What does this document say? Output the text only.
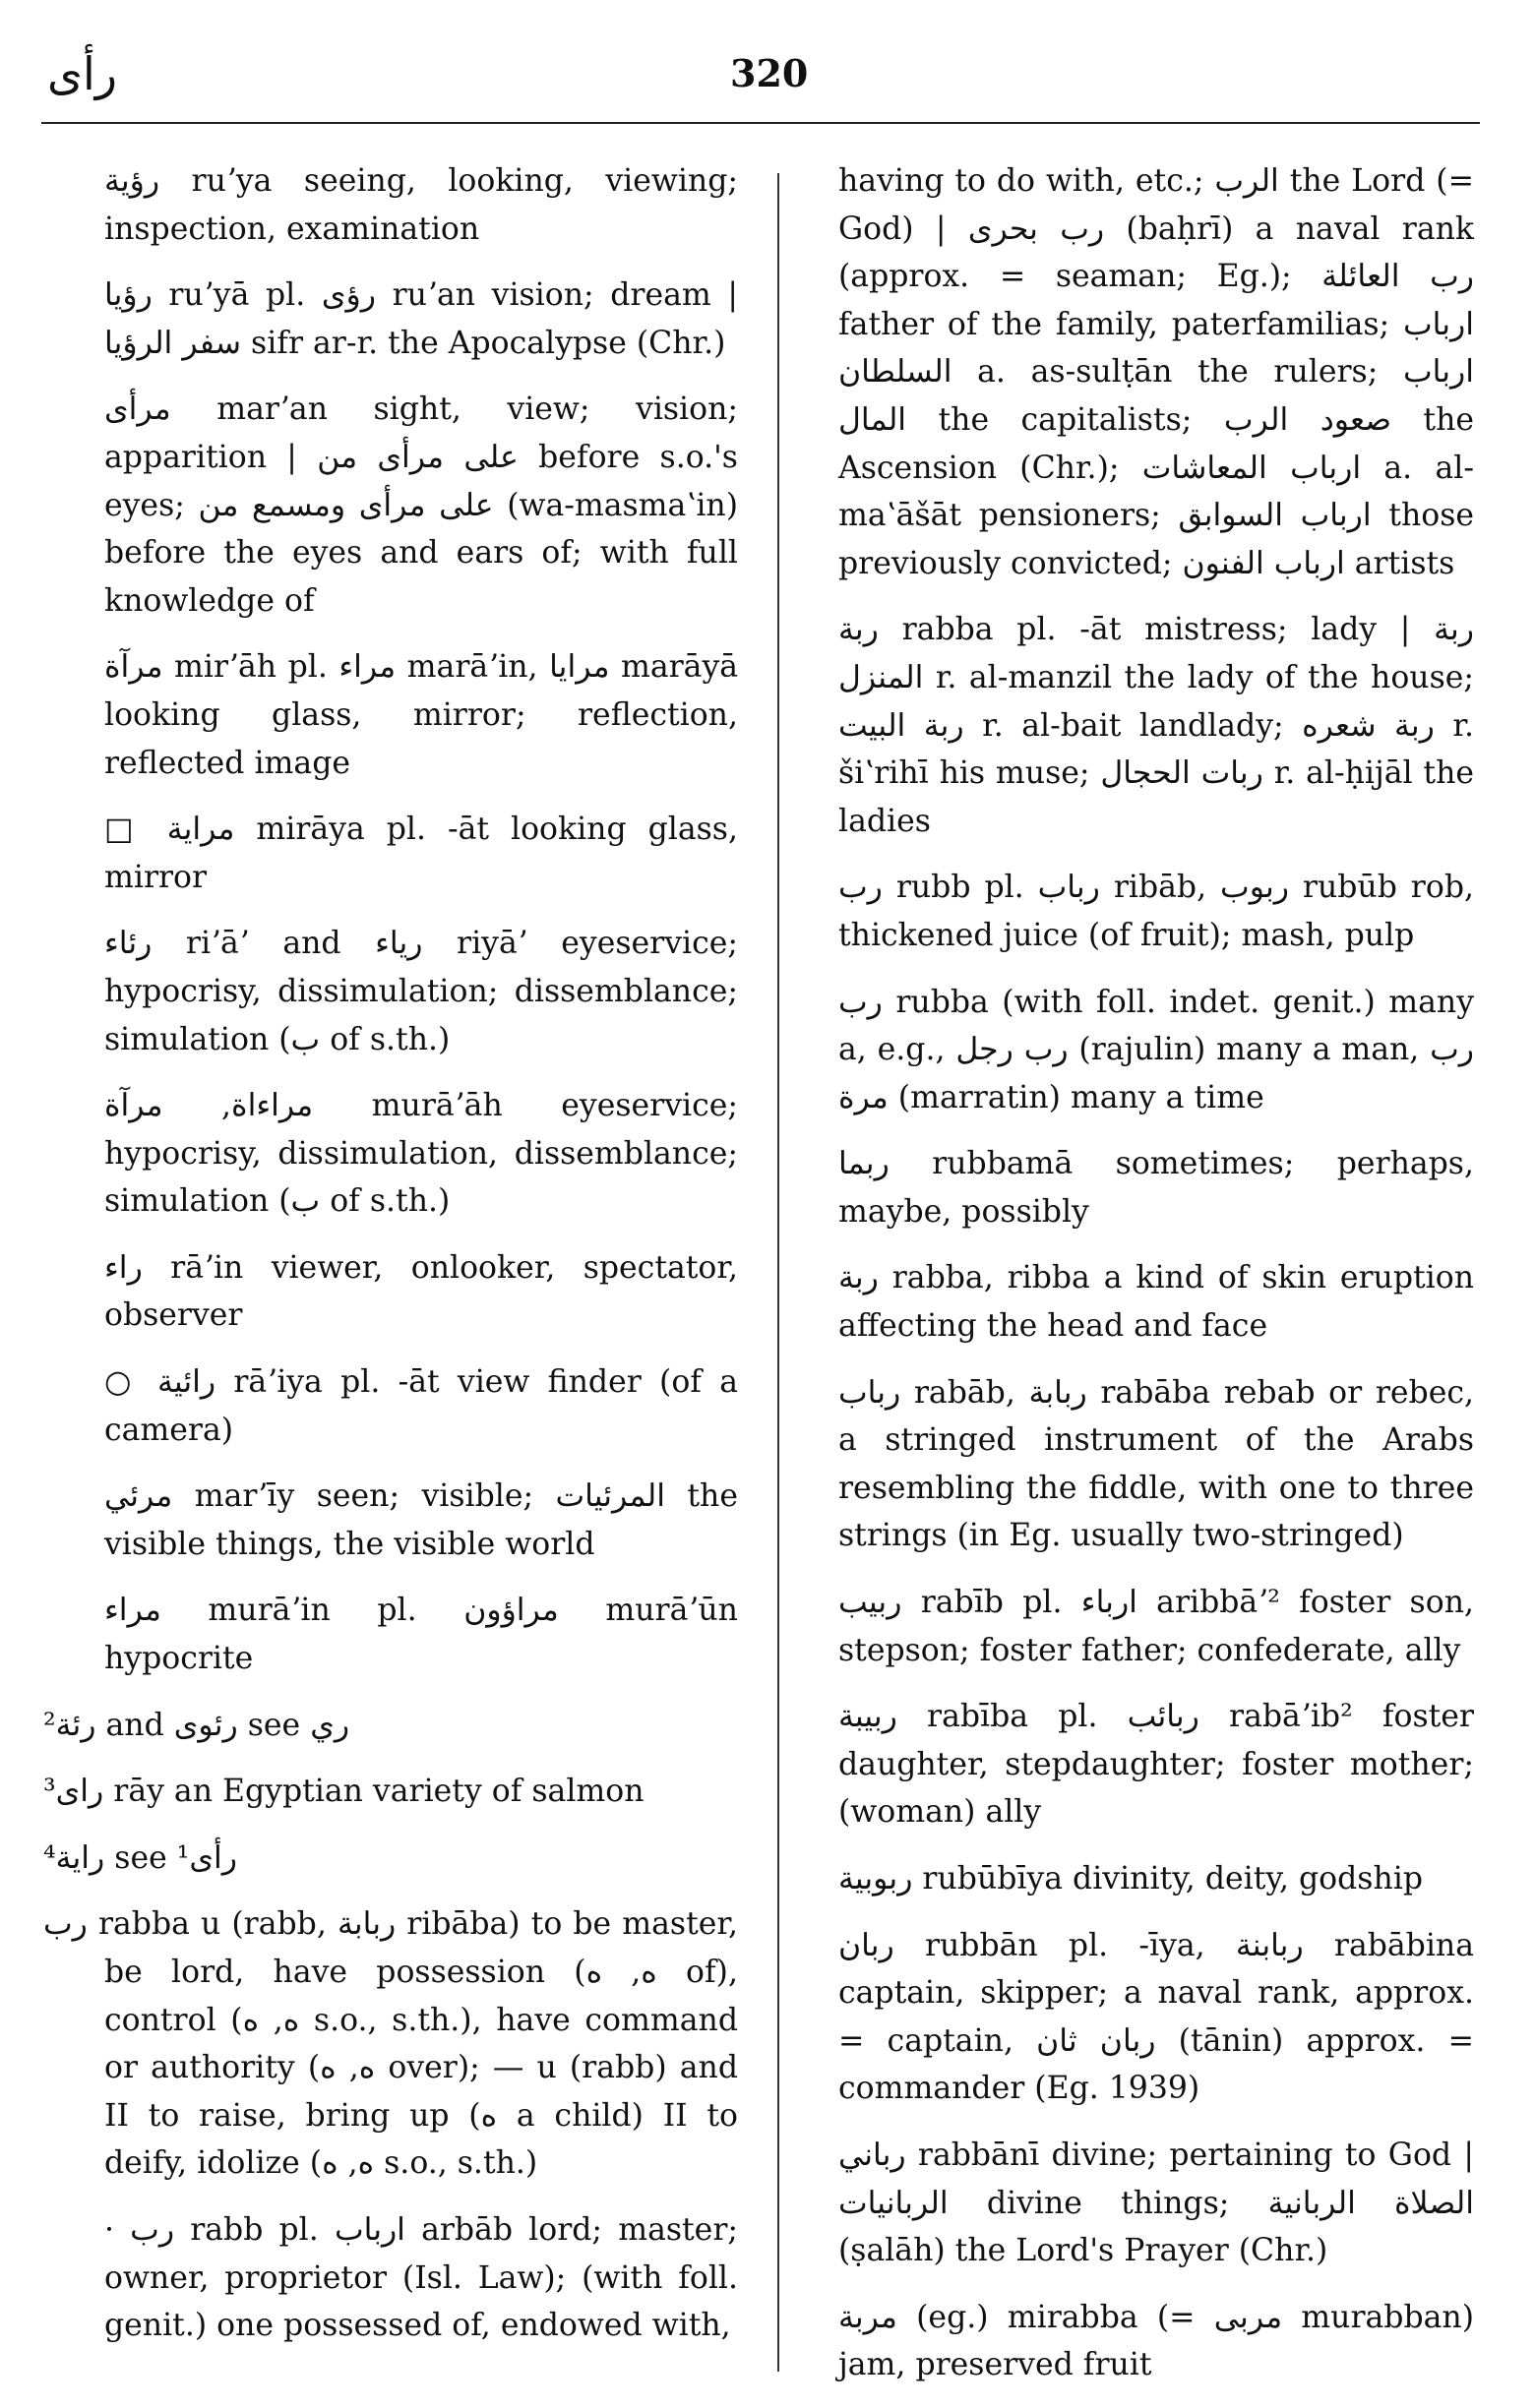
رأى	320

رؤية ruʼya seeing, looking, viewing; inspection, examination

رؤيا ruʼyā pl. رؤى ruʼan vision; dream | سفر الرؤيا sifr ar-r. the Apocalypse (Chr.)

مرأى marʼan sight, view; vision; apparition | على مرأى من before s.o.'s eyes; على مرأى ومسمع من (wa-masmaʽin) before the eyes and ears of; with full knowledge of

مرآة mirʼāh pl. مراء marāʼin, مرايا marāyā looking glass, mirror; reflection, reflected image

□ مراية mirāya pl. -āt looking glass, mirror

رئاء riʼāʼ and رياء riyāʼ eyeservice; hypocrisy, dissimulation; dissemblance; simulation (ب of s.th.)

مراءاة, مرآة murāʼāh eyeservice; hypocrisy, dissimulation, dissemblance; simulation (ب of s.th.)

راء rāʼin viewer, onlooker, spectator, observer

○ رائية rāʼiya pl. -āt view finder (of a camera)

مرئي marʼīy seen; visible; المرئيات the visible things, the visible world

مراء murāʼin pl. مراؤون murāʼūn hypocrite

²رئة and رئوى see ري

³راى rāy an Egyptian variety of salmon

⁴راية see ¹رأى

رب rabba u (rabb, ربابة ribāba) to be master, be lord, have possession (ه, ه of), control (ه, ه s.o., s.th.), have command or authority (ه, ه over); — u (rabb) and II to raise, bring up (ه a child) II to deify, idolize (ه, ه s.o., s.th.)

· رب rabb pl. ارباب arbāb lord; master; owner, proprietor (Isl. Law); (with foll. genit.) one possessed of, endowed with,

having to do with, etc.; الرب the Lord (= God) | رب بحرى (baḥrī) a naval rank (approx. = seaman; Eg.); رب العائلة father of the family, paterfamilias; ارباب السلطان a. as-sulṭān the rulers; ارباب المال the capitalists; صعود الرب the Ascension (Chr.); ارباب المعاشات a. al-maʽāšāt pensioners; ارباب السوابق those previously convicted; ارباب الفنون artists

ربة rabba pl. -āt mistress; lady | ربة المنزل r. al-manzil the lady of the house; ربة البيت r. al-bait landlady; ربة شعره r. šiʽrihī his muse; ربات الحجال r. al-ḥijāl the ladies

رب rubb pl. رباب ribāb, ربوب rubūb rob, thickened juice (of fruit); mash, pulp

رب rubba (with foll. indet. genit.) many a, e.g., رب رجل (rajulin) many a man, رب مرة (marratin) many a time

ربما rubbamā sometimes; perhaps, maybe, possibly

ربة rabba, ribba a kind of skin eruption affecting the head and face

رباب rabāb, ربابة rabāba rebab or rebec, a stringed instrument of the Arabs resembling the fiddle, with one to three strings (in Eg. usually two-stringed)

ربيب rabīb pl. ارباء aribbāʼ² foster son, stepson; foster father; confederate, ally

ربيبة rabība pl. ربائب rabāʼib² foster daughter, stepdaughter; foster mother; (woman) ally

ربوبية rubūbīya divinity, deity, godship

ربان rubbān pl. -īya, ربابنة rabābina captain, skipper; a naval rank, approx. = captain, ربان ثان (tānin) approx. = commander (Eg. 1939)

رباني rabbānī divine; pertaining to God | الربانيات divine things; الصلاة الربانية (ṣalāh) the Lord's Prayer (Chr.)

مربة (eg.) mirabba (= مربى murabban) jam, preserved fruit
